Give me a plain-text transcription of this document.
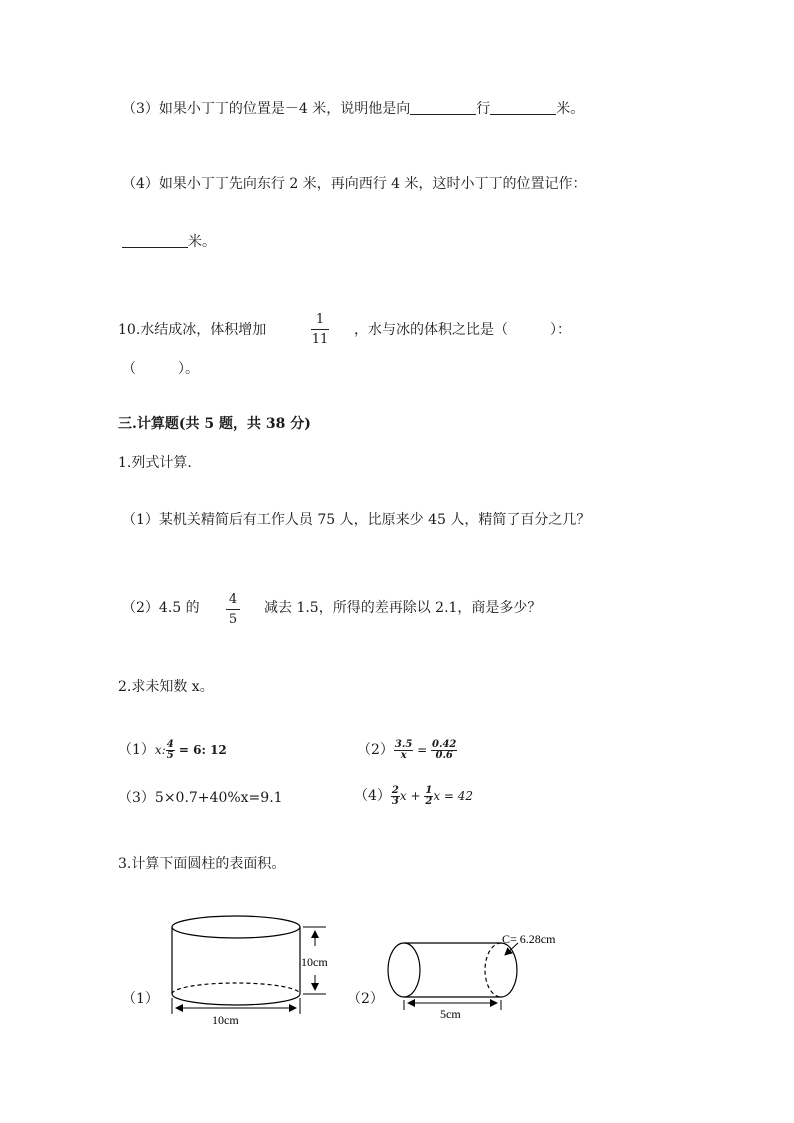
（3）如果小丁丁的位置是－4 米，说明他是向	行	米。
（4）如果小丁丁先向东行 2 米，再向西行 4 米，这时小丁丁的位置记作：
米。
10.水结成冰，体积增加
1
11
，水与冰的体积之比是（　　　）：
（　　　）。
三.计算题(共 5 题，共 38 分)
1.列式计算.
（1）某机关精简后有工作人员 75 人，比原来少 45 人，精简了百分之几？
（2）4.5 的
4
5
减去 1.5，所得的差再除以 2.1，商是多少？
2.求未知数 x。
（1）x: $\frac{4}{5} = 6$: 12	$(2) \frac{3.5}{x} = \frac{0.42}{0.6}$
（3）5×0.7+40%x=9.1	$(4) \frac{2}{3}$ $x + \frac{1}{2}$ x = 42
3.计算下面圆柱的表面积。
（1）	（2）
10cm
10cm
C= 6.28cm
5cm
